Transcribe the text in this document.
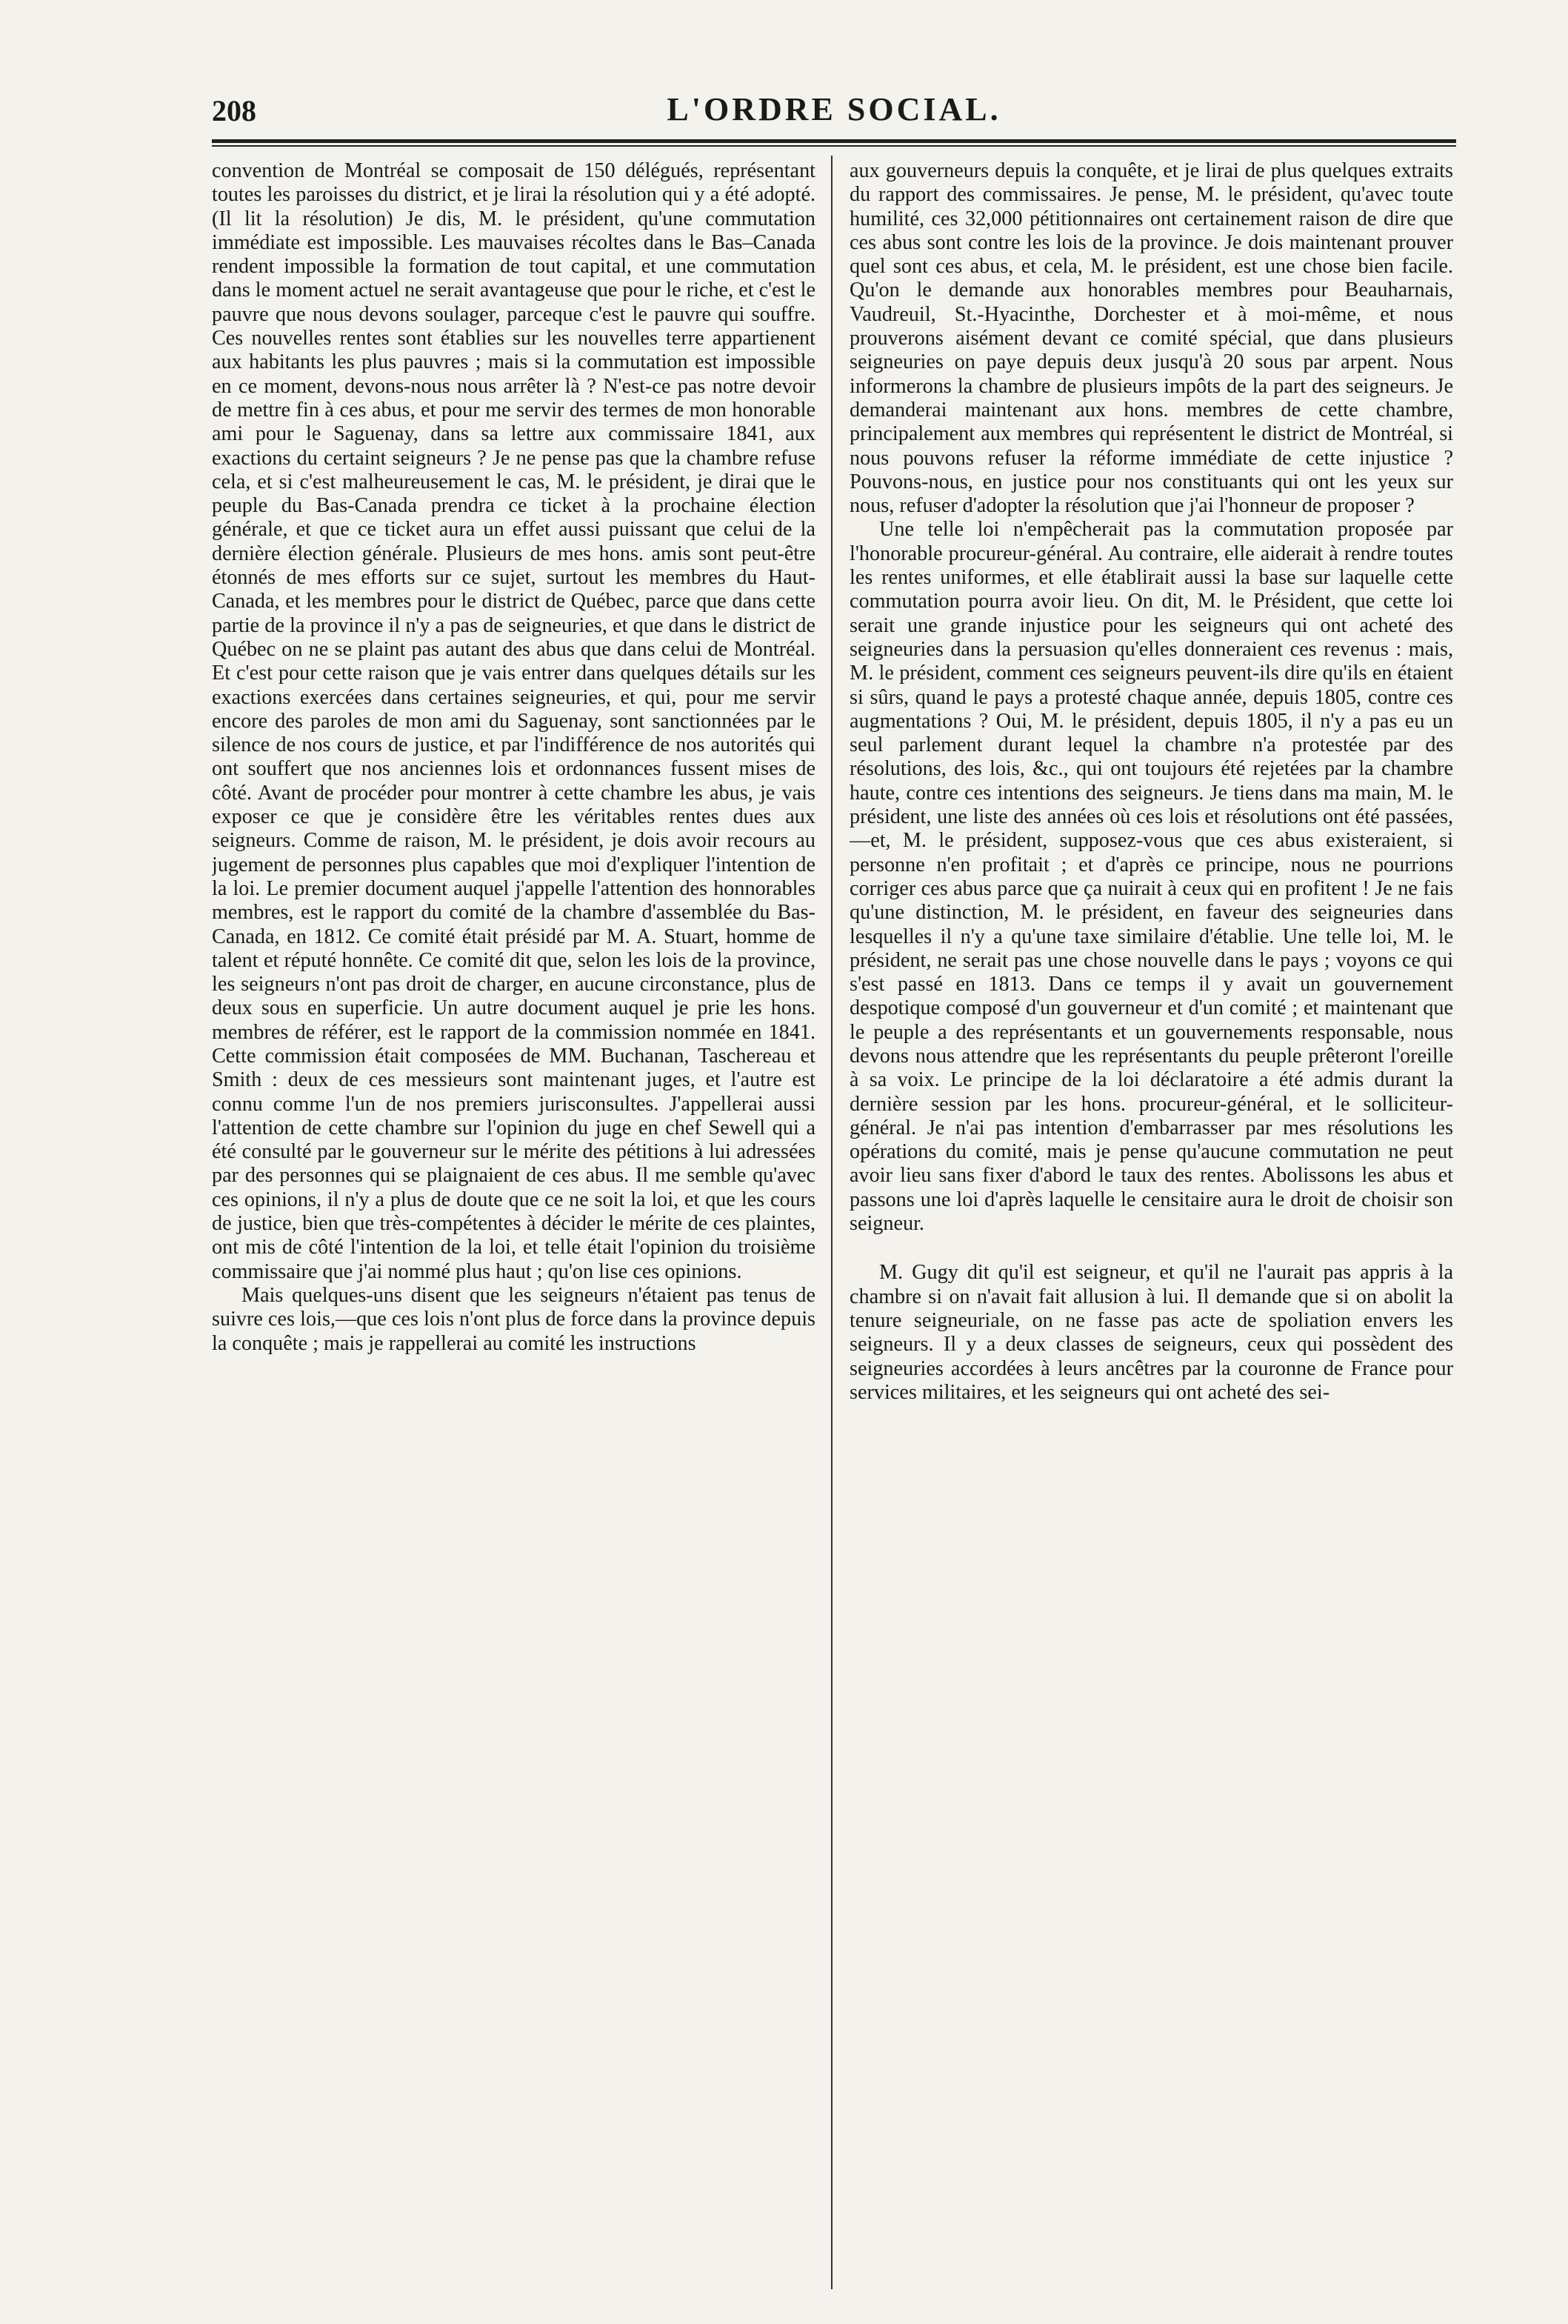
208	L'ORDRE SOCIAL.

convention de Montréal se composait de 150 délégués, représentant toutes les paroisses du district, et je lirai la résolution qui y a été adopté. (Il lit la résolution) Je dis, M. le président, qu'une commutation immédiate est impossible. Les mauvaises récoltes dans le Bas–Canada rendent impossible la formation de tout capital, et une commutation dans le moment actuel ne serait avantageuse que pour le riche, et c'est le pauvre que nous devons soulager, parceque c'est le pauvre qui souffre. Ces nouvelles rentes sont établies sur les nouvelles terre appartienent aux habitants les plus pauvres ; mais si la commutation est impossible en ce moment, devons-nous nous arrêter là ? N'est-ce pas notre devoir de mettre fin à ces abus, et pour me servir des termes de mon honorable ami pour le Saguenay, dans sa lettre aux commissaire 1841, aux exactions du certaint seigneurs ? Je ne pense pas que la chambre refuse cela, et si c'est malheureusement le cas, M. le président, je dirai que le peuple du Bas-Canada prendra ce ticket à la prochaine élection générale, et que ce ticket aura un effet aussi puissant que celui de la dernière élection générale. Plusieurs de mes hons. amis sont peut-être étonnés de mes efforts sur ce sujet, surtout les membres du Haut-Canada, et les membres pour le district de Québec, parce que dans cette partie de la province il n'y a pas de seigneuries, et que dans le district de Québec on ne se plaint pas autant des abus que dans celui de Montréal. Et c'est pour cette raison que je vais entrer dans quelques détails sur les exactions exercées dans certaines seigneuries, et qui, pour me servir encore des paroles de mon ami du Saguenay, sont sanctionnées par le silence de nos cours de justice, et par l'indifférence de nos autorités qui ont souffert que nos anciennes lois et ordonnances fussent mises de côté. Avant de procéder pour montrer à cette chambre les abus, je vais exposer ce que je considère être les véritables rentes dues aux seigneurs. Comme de raison, M. le président, je dois avoir recours au jugement de personnes plus capables que moi d'expliquer l'intention de la loi. Le premier document auquel j'appelle l'attention des honnorables membres, est le rapport du comité de la chambre d'assemblée du Bas-Canada, en 1812. Ce comité était présidé par M. A. Stuart, homme de talent et réputé honnête. Ce comité dit que, selon les lois de la province, les seigneurs n'ont pas droit de charger, en aucune circonstance, plus de deux sous en superficie. Un autre document auquel je prie les hons. membres de référer, est le rapport de la commission nommée en 1841. Cette commission était composées de MM. Buchanan, Taschereau et Smith : deux de ces messieurs sont maintenant juges, et l'autre est connu comme l'un de nos premiers jurisconsultes. J'appellerai aussi l'attention de cette chambre sur l'opinion du juge en chef Sewell qui a été consulté par le gouverneur sur le mérite des pétitions à lui adressées par des personnes qui se plaignaient de ces abus. Il me semble qu'avec ces opinions, il n'y a plus de doute que ce ne soit la loi, et que les cours de justice, bien que très-compétentes à décider le mérite de ces plaintes, ont mis de côté l'intention de la loi, et telle était l'opinion du troisième commissaire que j'ai nommé plus haut ; qu'on lise ces opinions.

Mais quelques-uns disent que les seigneurs n'étaient pas tenus de suivre ces lois,—que ces lois n'ont plus de force dans la province depuis la conquête ; mais je rappellerai au comité les instructions

aux gouverneurs depuis la conquête, et je lirai de plus quelques extraits du rapport des commissaires. Je pense, M. le président, qu'avec toute humilité, ces 32,000 pétitionnaires ont certainement raison de dire que ces abus sont contre les lois de la province. Je dois maintenant prouver quel sont ces abus, et cela, M. le président, est une chose bien facile. Qu'on le demande aux honorables membres pour Beauharnais, Vaudreuil, St.-Hyacinthe, Dorchester et à moi-même, et nous prouverons aisément devant ce comité spécial, que dans plusieurs seigneuries on paye depuis deux jusqu'à 20 sous par arpent. Nous informerons la chambre de plusieurs impôts de la part des seigneurs. Je demanderai maintenant aux hons. membres de cette chambre, principalement aux membres qui représentent le district de Montréal, si nous pouvons refuser la réforme immédiate de cette injustice ? Pouvons-nous, en justice pour nos constituants qui ont les yeux sur nous, refuser d'adopter la résolution que j'ai l'honneur de proposer ?

Une telle loi n'empêcherait pas la commutation proposée par l'honorable procureur-général. Au contraire, elle aiderait à rendre toutes les rentes uniformes, et elle établirait aussi la base sur laquelle cette commutation pourra avoir lieu. On dit, M. le Président, que cette loi serait une grande injustice pour les seigneurs qui ont acheté des seigneuries dans la persuasion qu'elles donneraient ces revenus : mais, M. le président, comment ces seigneurs peuvent-ils dire qu'ils en étaient si sûrs, quand le pays a protesté chaque année, depuis 1805, contre ces augmentations ? Oui, M. le président, depuis 1805, il n'y a pas eu un seul parlement durant lequel la chambre n'a protestée par des résolutions, des lois, &c., qui ont toujours été rejetées par la chambre haute, contre ces intentions des seigneurs. Je tiens dans ma main, M. le président, une liste des années où ces lois et résolutions ont été passées,—et, M. le président, supposez-vous que ces abus existeraient, si personne n'en profitait ; et d'après ce principe, nous ne pourrions corriger ces abus parce que ça nuirait à ceux qui en profitent ! Je ne fais qu'une distinction, M. le président, en faveur des seigneuries dans lesquelles il n'y a qu'une taxe similaire d'établie. Une telle loi, M. le président, ne serait pas une chose nouvelle dans le pays ; voyons ce qui s'est passé en 1813. Dans ce temps il y avait un gouvernement despotique composé d'un gouverneur et d'un comité ; et maintenant que le peuple a des représentants et un gouvernements responsable, nous devons nous attendre que les représentants du peuple prêteront l'oreille à sa voix. Le principe de la loi déclaratoire a été admis durant la dernière session par les hons. procureur-général, et le solliciteur-général. Je n'ai pas intention d'embarrasser par mes résolutions les opérations du comité, mais je pense qu'aucune commutation ne peut avoir lieu sans fixer d'abord le taux des rentes. Abolissons les abus et passons une loi d'après laquelle le censitaire aura le droit de choisir son seigneur.

M. Gugy dit qu'il est seigneur, et qu'il ne l'aurait pas appris à la chambre si on n'avait fait allusion à lui. Il demande que si on abolit la tenure seigneuriale, on ne fasse pas acte de spoliation envers les seigneurs. Il y a deux classes de seigneurs, ceux qui possèdent des seigneuries accordées à leurs ancêtres par la couronne de France pour services militaires, et les seigneurs qui ont acheté des sei-
